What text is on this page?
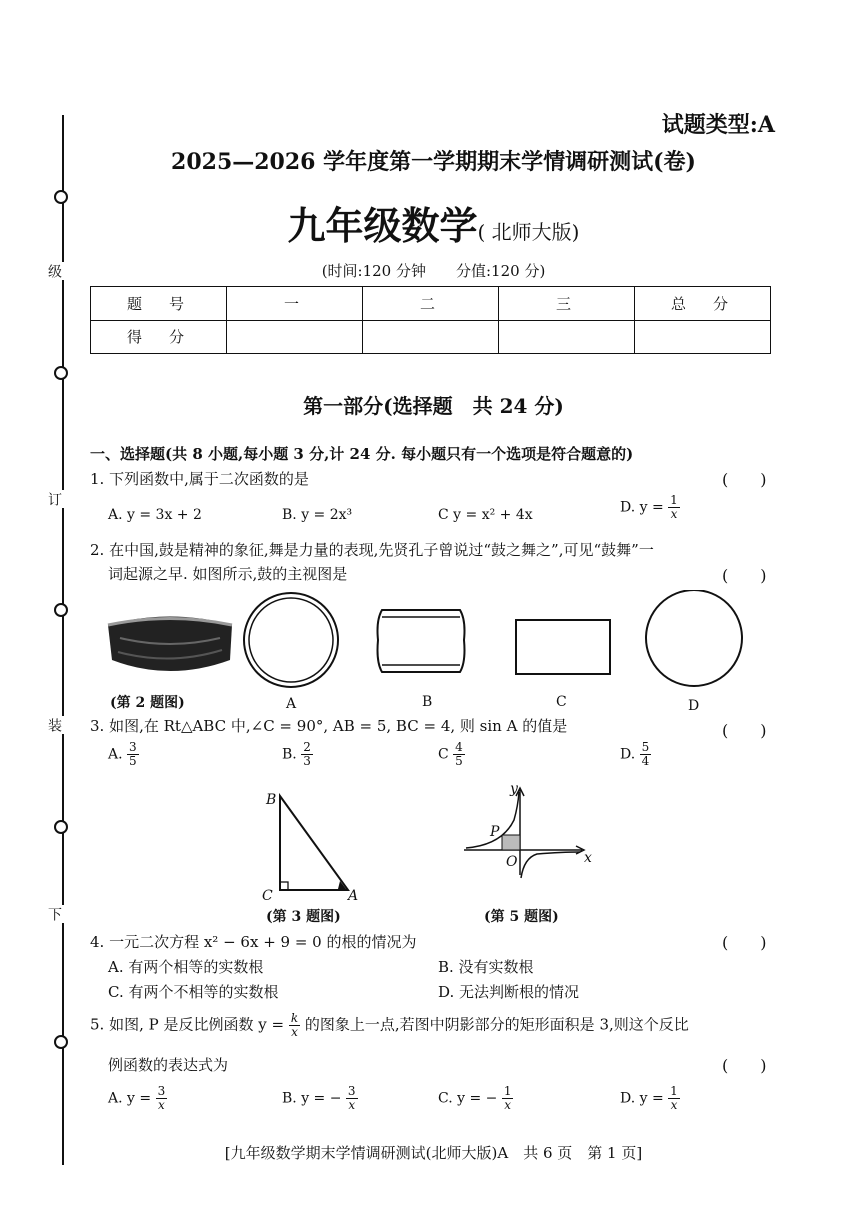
级
订
装
下
试题类型:A
2025—2026 学年度第一学期期末学情调研测试(卷)
九年级数学( 北师大版)
(时间:120 分钟　　分值:120 分)
题　号	一	二	三	总　分
得　分				
第一部分(选择题　共 24 分)
一、选择题(共 8 小题,每小题 3 分,计 24 分. 每小题只有一个选项是符合题意的)
1. 下列函数中,属于二次函数的是	(　　)
A. y = 3x + 2	B. y = 2x³	C y = x² + 4x	D. $y = \frac{1}{x}$
2. 在中国,鼓是精神的象征,舞是力量的表现,先贤孔子曾说过“鼓之舞之”,可见“鼓舞”一
词起源之早. 如图所示,鼓的主视图是	(　　)
(第 2 题图)	A	B	C	D
3. 如图,在 Rt△ABC 中,∠C = 90°, AB = 5, BC = 4, 则 sin A 的值是	(　　)
A. $\frac{3}{5}$	B. $\frac{2}{3}$	C $\frac{4}{5}$	D. $\frac{5}{4}$
B
C	A
(第 3 题图)
y
x
O
P
(第 5 题图)
4. 一元二次方程 x² − 6x + 9 = 0 的根的情况为	(　　)
A. 有两个相等的实数根	B. 没有实数根
C. 有两个不相等的实数根	D. 无法判断根的情况
5. 如图, P 是反比例函数 $y = \frac{k}{x}$ 的图象上一点,若图中阴影部分的矩形面积是 3,则这个反比
例函数的表达式为	(　　)
A. $y = \frac{3}{x}$	B. y = − $\frac{3}{x}$	C. y = − $\frac{1}{x}$	D. $y = \frac{1}{x}$
[九年级数学期末学情调研测试(北师大版)A　共 6 页　第 1 页]
